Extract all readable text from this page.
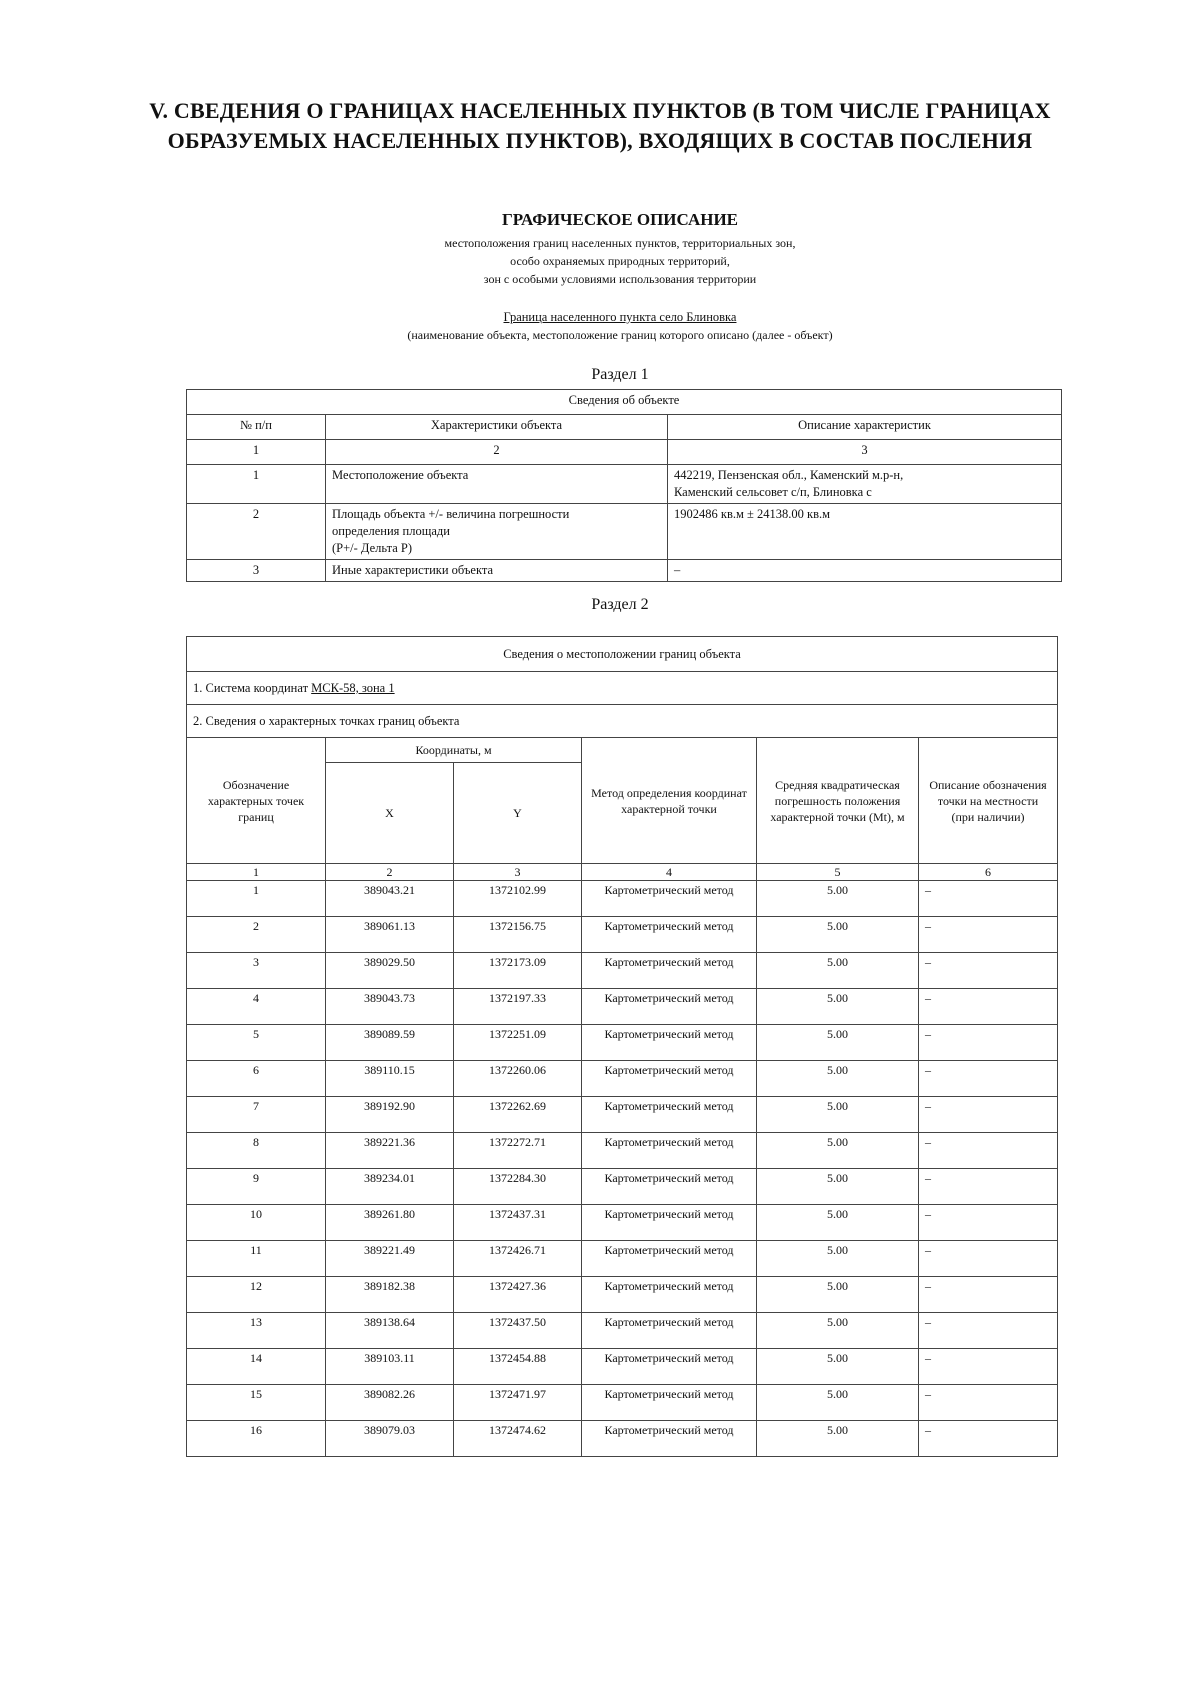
V. СВЕДЕНИЯ О ГРАНИЦАХ НАСЕЛЕННЫХ ПУНКТОВ (В ТОМ ЧИСЛЕ ГРАНИЦАХ
ОБРАЗУЕМЫХ НАСЕЛЕННЫХ ПУНКТОВ), ВХОДЯЩИХ В СОСТАВ ПОСЛЕНИЯ
ГРАФИЧЕСКОЕ ОПИСАНИЕ
местоположения границ населенных пунктов, территориальных зон,
особо охраняемых природных территорий,
зон с особыми условиями использования территории
Граница населенного пункта село Блиновка
(наименование объекта, местоположение границ которого описано (далее - объект)
Раздел 1
Сведения об объекте		
№ п/п	Характеристики объекта	Описание характеристик
1	2	3
1	Местоположение объекта	442219, Пензенская обл., Каменский м.р-н,
Каменский сельсовет с/п, Блиновка с

2	Площадь объекта +/- величина погрешности
определения площади
(P+/- Дельта P)	1902486 кв.м ± 24138.00 кв.м
3	Иные характеристики объекта	–
Раздел 2
Сведения о местоположении границ объекта					
1. Система координат МСК-58, зона 1					
2. Сведения о характерных точках границ объекта					
Обозначение характерных точек границ	Координаты, м		Метод определения координат характерной точки	Средняя квадратическая погрешность положения характерной точки (Mt), м	Описание обозначения точки на местности (при наличии)
	X	Y			
1	2	3	4	5	6
1	389043.21	1372102.99	Картометрический метод	5.00	–
2	389061.13	1372156.75	Картометрический метод	5.00	–
3	389029.50	1372173.09	Картометрический метод	5.00	–
4	389043.73	1372197.33	Картометрический метод	5.00	–
5	389089.59	1372251.09	Картометрический метод	5.00	–
6	389110.15	1372260.06	Картометрический метод	5.00	–
7	389192.90	1372262.69	Картометрический метод	5.00	–
8	389221.36	1372272.71	Картометрический метод	5.00	–
9	389234.01	1372284.30	Картометрический метод	5.00	–
10	389261.80	1372437.31	Картометрический метод	5.00	–
11	389221.49	1372426.71	Картометрический метод	5.00	–
12	389182.38	1372427.36	Картометрический метод	5.00	–
13	389138.64	1372437.50	Картометрический метод	5.00	–
14	389103.11	1372454.88	Картометрический метод	5.00	–
15	389082.26	1372471.97	Картометрический метод	5.00	–
16	389079.03	1372474.62	Картометрический метод	5.00	–
